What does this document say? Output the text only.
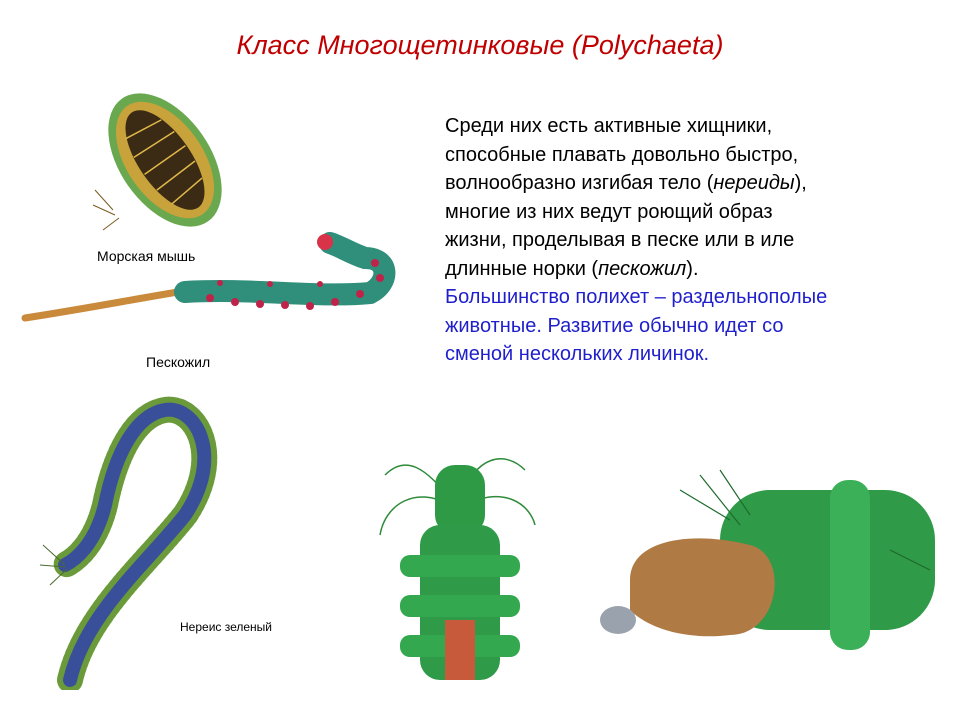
Класс Многощетинковые (Polychaeta)
Среди них есть активные хищники,
способные плавать довольно быстро,
волнообразно изгибая тело (нереиды),
многие из них ведут роющий образ
жизни, проделывая в песке или в иле
длинные норки (пескожил).
Большинство полихет – раздельнополые
животные. Развитие обычно идет со
сменой нескольких личинок.
Морская мышь
Пескожил
Нереис зеленый
